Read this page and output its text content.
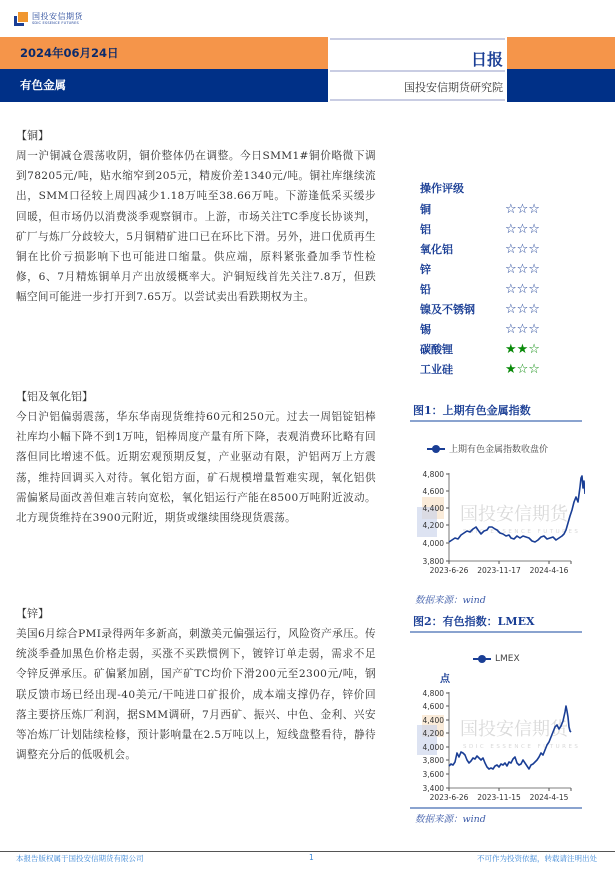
国投安信期货
SDIC ESSENCE FUTURES
2024年06月24日
有色金属
日报
国投安信期货研究院
【铜】
周一沪铜减仓震荡收阴，铜价整体仍在调整。今日SMM1#铜价略微下调到78205元/吨，贴水缩窄到205元，精废价差1340元/吨。铜社库继续流出，SMM口径较上周四减少1.18万吨至38.66万吨。下游逢低采买缓步回暖，但市场仍以消费淡季观察铜市。上游，市场关注TC季度长协谈判，矿厂与炼厂分歧较大，5月铜精矿进口已在环比下滑。另外，进口优质再生铜在比价亏损影响下也可能进口缩量。供应端，原料紧张叠加季节性检修，6、7月精炼铜单月产出放缓概率大。沪铜短线首先关注7.8万，但跌幅空间可能进一步打开到7.65万。以尝试卖出看跌期权为主。
【铝及氧化铝】
今日沪铝偏弱震荡，华东华南现货维持60元和250元。过去一周铝锭铝棒社库均小幅下降不到1万吨，铝棒周度产量有所下降，表观消费环比略有回落但同比增速不低。近期宏观预期反复，产业驱动有限，沪铝两万上方震荡，维持回调买入对待。氧化铝方面，矿石规模增量暂难实现，氧化铝供需偏紧局面改善但难言转向宽松，氧化铝运行产能在8500万吨附近波动。北方现货维持在3900元附近，期货或继续围绕现货震荡。
【锌】
美国6月综合PMI录得两年多新高，刺激美元偏强运行，风险资产承压。传统淡季叠加黑色价格走弱，买涨不买跌惯例下，镀锌订单走弱，需求不足令锌反弹承压。矿偏紧加剧，国产矿TC均价下滑200元至2300元/吨，钢联反馈市场已经出现-40美元/干吨进口矿报价，成本端支撑仍存，锌价回落主要挤压炼厂利润，据SMM调研，7月西矿、振兴、中色、金利、兴安等冶炼厂计划陆续检修，预计影响量在2.5万吨以上，短线盘整看待，静待调整充分后的低吸机会。
操作评级
铜	☆☆☆
铝	☆☆☆
氧化铝	☆☆☆
锌	☆☆☆
铅	☆☆☆
镍及不锈钢	☆☆☆
锡	☆☆☆
碳酸锂	★★☆
工业硅	★☆☆
图1：上期有色金属指数
上期有色金属指数收盘价
国投安信期货
SDIC ESSENCE FUTURES
4,800
4,600
4,400
4,200
4,000
3,800
2023-6-26 2023-11-17 2024-4-16
数据来源：wind
图2：有色指数：LMEX
LMEX
点
国投安信期货
SDIC ESSENCE FUTURES
4,800
4,600
4,400
4,200
4,000
3,800
3,600
3,400
2023-6-26 2023-11-15 2024-4-15
数据来源：wind
本报告版权属于国投安信期货有限公司	1	不可作为投资依据，转载请注明出处
